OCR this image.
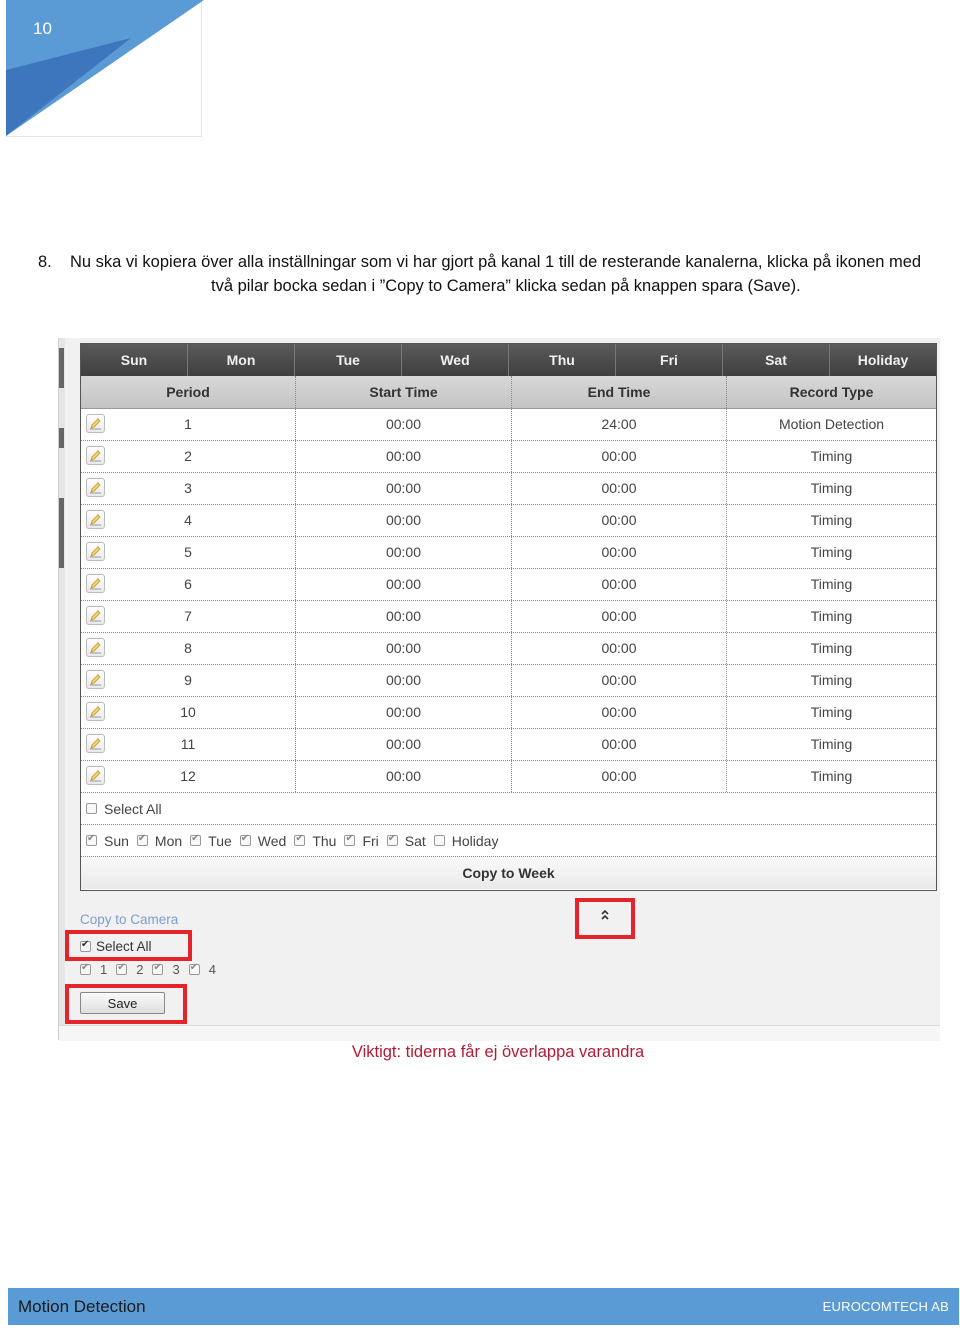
10
8. Nu ska vi kopiera över alla inställningar som vi har gjort på kanal 1 till de resterande kanalerna, klicka på ikonen med
två pilar bocka sedan i ”Copy to Camera” klicka sedan på knappen spara (Save).
Sun	Mon	Tue	Wed	Thu	Fri	Sat	Holiday
Period	Start Time	End Time	Record Type
1	00:00	24:00	Motion Detection
2	00:00	00:00	Timing
3	00:00	00:00	Timing
4	00:00	00:00	Timing
5	00:00	00:00	Timing
6	00:00	00:00	Timing
7	00:00	00:00	Timing
8	00:00	00:00	Timing
9	00:00	00:00	Timing
10	00:00	00:00	Timing
11	00:00	00:00	Timing
12	00:00	00:00	Timing
Select All
✔
Sun ✔ Mon ✔ Tue ✔ Wed ✔ Thu ✔ Fri ✔ Sat Holiday
Copy to Week
Copy to Camera
✔
Select All
✔
1 ✔ 2 ✔ 3 ✔ 4
Save
Viktigt: tiderna får ej överlappa varandra
Motion Detection	EUROCOMTECH AB
